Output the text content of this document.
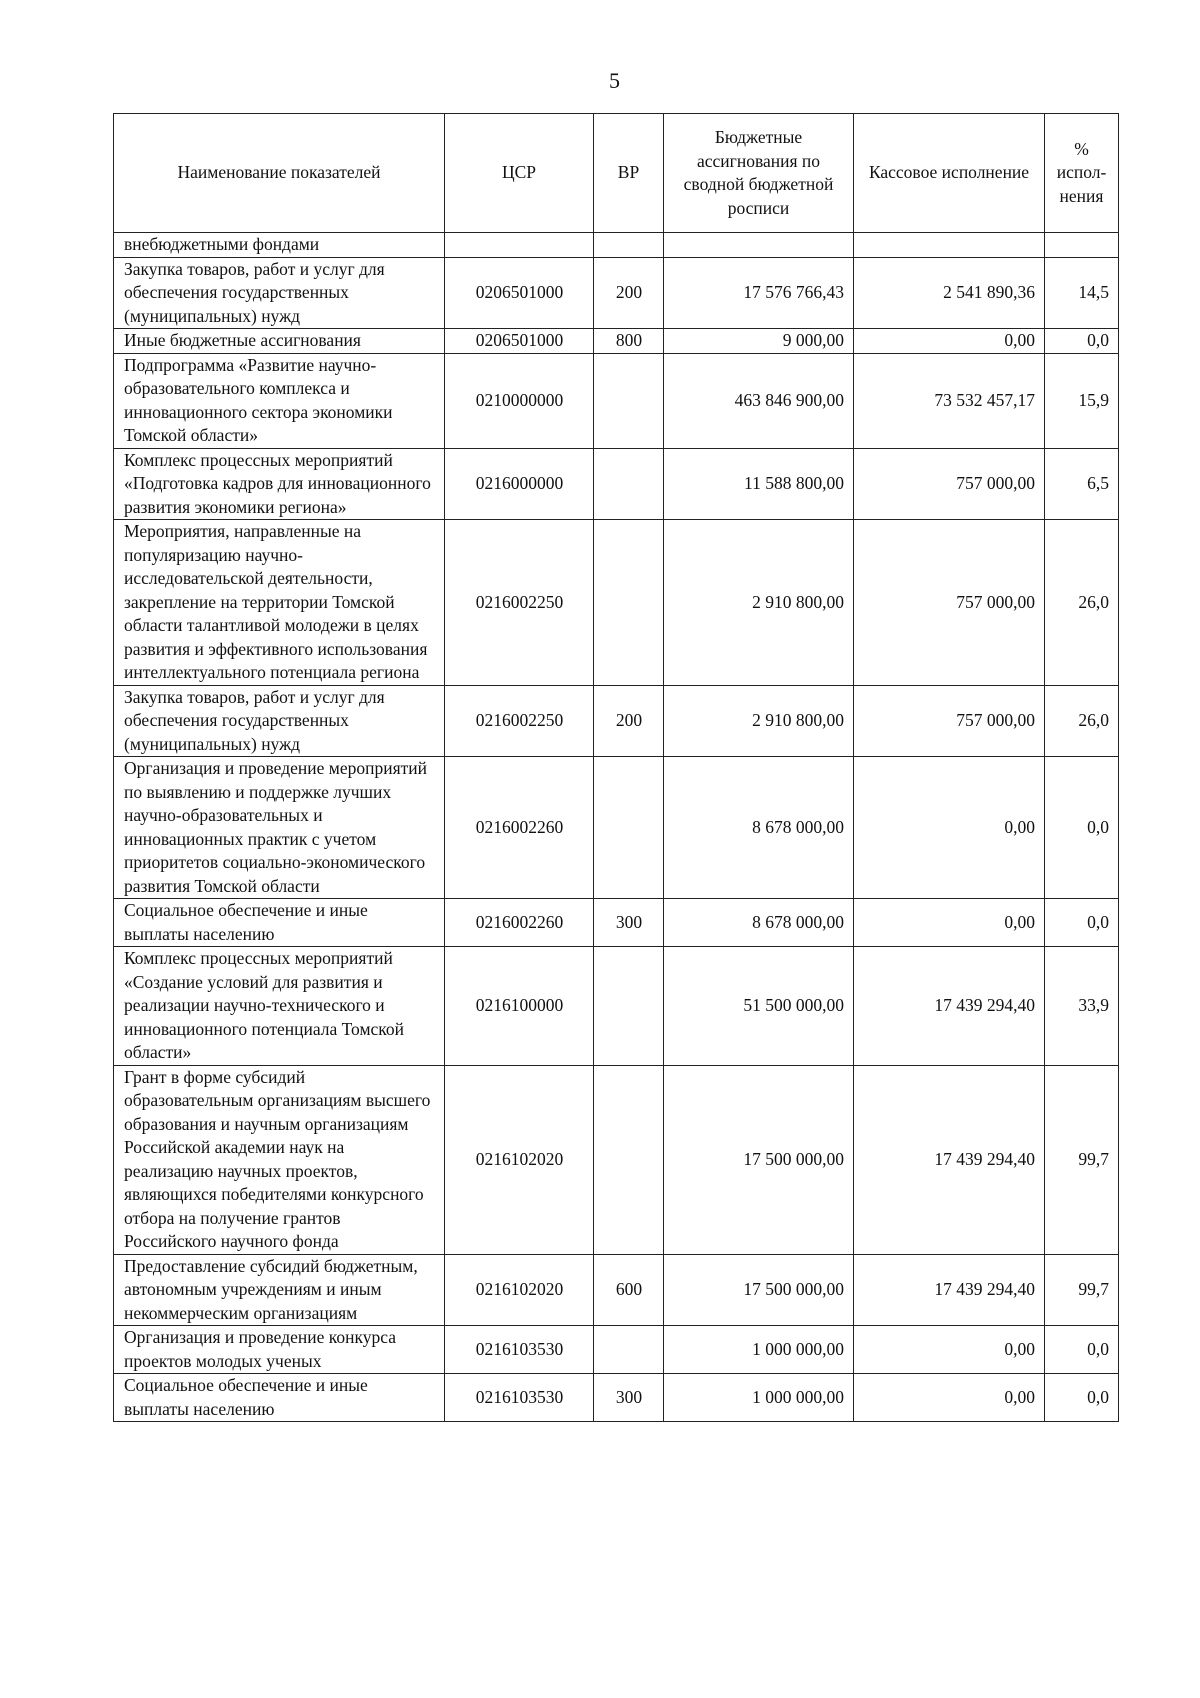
5
Наименование показателей	ЦСР	ВР	Бюджетные ассигнования по сводной бюджетной росписи	Кассовое исполнение	% испол-нения
внебюджетными фондами					
Закупка товаров, работ и услуг для обеспечения государственных (муниципальных) нужд	0206501000	200	17 576 766,43	2 541 890,36	14,5
Иные бюджетные ассигнования	0206501000	800	9 000,00	0,00	0,0
Подпрограмма «Развитие научно-образовательного комплекса и инновационного сектора экономики Томской области»	0210000000		463 846 900,00	73 532 457,17	15,9
Комплекс процессных мероприятий «Подготовка кадров для инновационного развития экономики региона»	0216000000		11 588 800,00	757 000,00	6,5
Мероприятия, направленные на популяризацию научно-исследовательской деятельности, закрепление на территории Томской области талантливой молодежи в целях развития и эффективного использования интеллектуального потенциала региона	0216002250		2 910 800,00	757 000,00	26,0
Закупка товаров, работ и услуг для обеспечения государственных (муниципальных) нужд	0216002250	200	2 910 800,00	757 000,00	26,0
Организация и проведение мероприятий по выявлению и поддержке лучших научно-образовательных и инновационных практик с учетом приоритетов социально-экономического развития Томской области	0216002260		8 678 000,00	0,00	0,0
Социальное обеспечение и иные выплаты населению	0216002260	300	8 678 000,00	0,00	0,0
Комплекс процессных мероприятий «Создание условий для развития и реализации научно-технического и инновационного потенциала Томской области»	0216100000		51 500 000,00	17 439 294,40	33,9
Грант в форме субсидий образовательным организациям высшего образования и научным организациям Российской академии наук на реализацию научных проектов, являющихся победителями конкурсного отбора на получение грантов Российского научного фонда	0216102020		17 500 000,00	17 439 294,40	99,7
Предоставление субсидий бюджетным, автономным учреждениям и иным некоммерческим организациям	0216102020	600	17 500 000,00	17 439 294,40	99,7
Организация и проведение конкурса проектов молодых ученых	0216103530		1 000 000,00	0,00	0,0
Социальное обеспечение и иные выплаты населению	0216103530	300	1 000 000,00	0,00	0,0
